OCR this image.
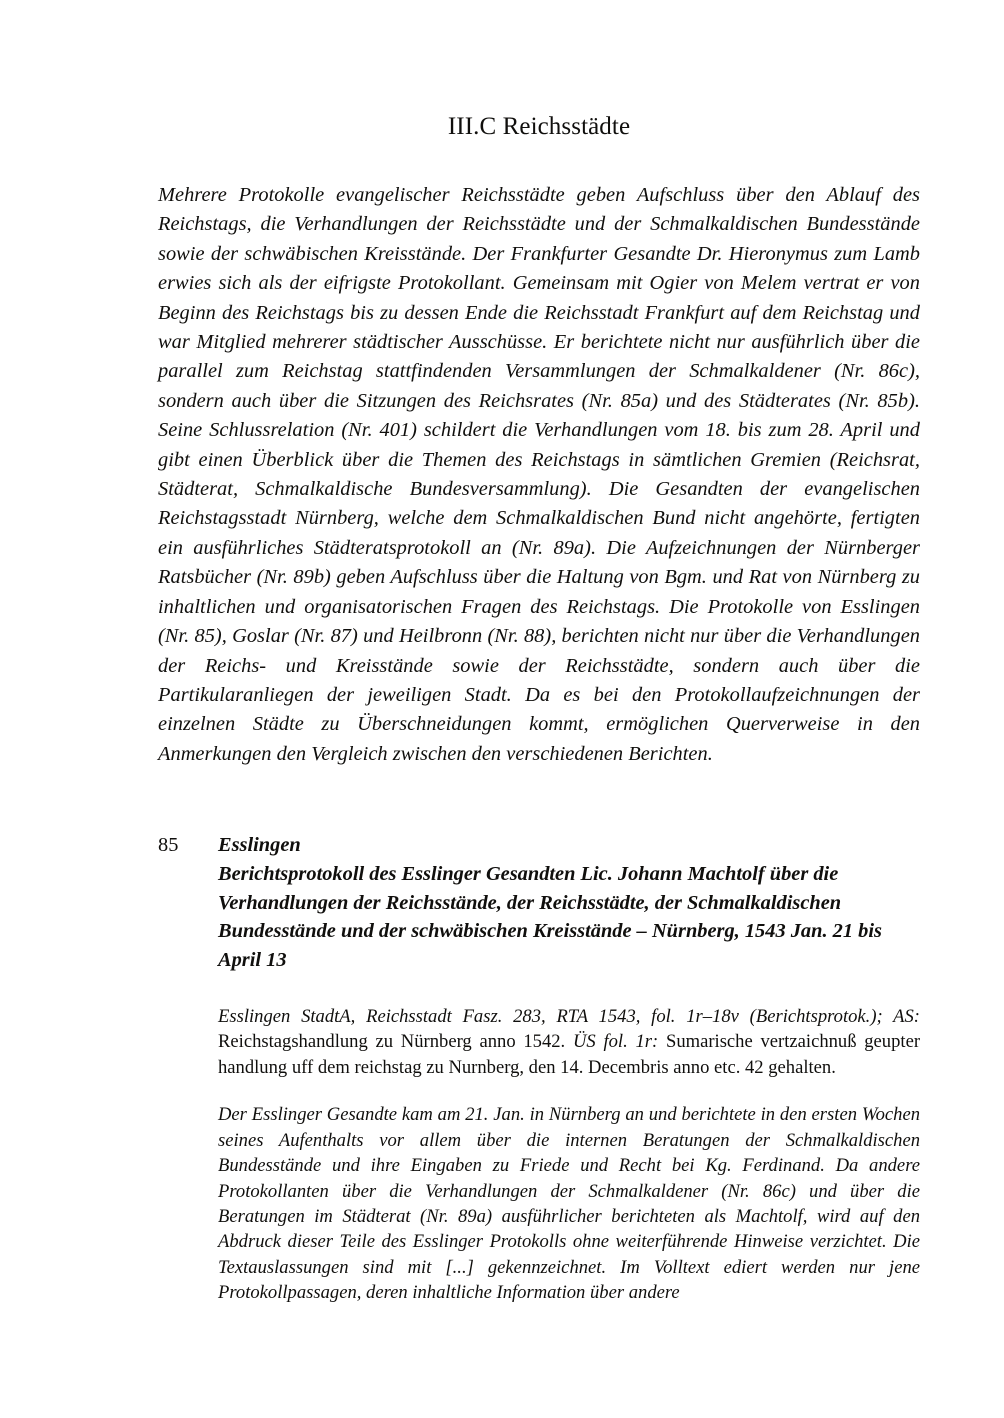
III.C Reichsstädte

Mehrere Protokolle evangelischer Reichsstädte geben Aufschluss über den Ablauf des Reichstags, die Verhandlungen der Reichsstädte und der Schmalkaldischen Bundesstände sowie der schwäbischen Kreisstände. Der Frankfurter Gesandte Dr. Hieronymus zum Lamb erwies sich als der eifrigste Protokollant. Gemeinsam mit Ogier von Melem vertrat er von Beginn des Reichstags bis zu dessen Ende die Reichsstadt Frankfurt auf dem Reichstag und war Mitglied mehrerer städtischer Ausschüsse. Er berichtete nicht nur ausführlich über die parallel zum Reichstag stattfindenden Versammlungen der Schmalkaldener (Nr. 86c), sondern auch über die Sitzungen des Reichsrates (Nr. 85a) und des Städterates (Nr. 85b). Seine Schlussrelation (Nr. 401) schildert die Verhandlungen vom 18. bis zum 28. April und gibt einen Überblick über die Themen des Reichstags in sämtlichen Gremien (Reichsrat, Städterat, Schmalkaldische Bundesversammlung). Die Gesandten der evangelischen Reichstagsstadt Nürnberg, welche dem Schmalkaldischen Bund nicht angehörte, fertigten ein ausführliches Städteratsprotokoll an (Nr. 89a). Die Aufzeichnungen der Nürnberger Ratsbücher (Nr. 89b) geben Aufschluss über die Haltung von Bgm. und Rat von Nürnberg zu inhaltlichen und organisatorischen Fragen des Reichstags. Die Protokolle von Esslingen (Nr. 85), Goslar (Nr. 87) und Heilbronn (Nr. 88), berichten nicht nur über die Verhandlungen der Reichs- und Kreisstände sowie der Reichsstädte, sondern auch über die Partikularanliegen der jeweiligen Stadt. Da es bei den Protokollaufzeichnungen der einzelnen Städte zu Überschneidungen kommt, ermöglichen Querverweise in den Anmerkungen den Vergleich zwischen den verschiedenen Berichten.

85	Esslingen
Berichtsprotokoll des Esslinger Gesandten Lic. Johann Machtolf über die Verhandlungen der Reichsstände, der Reichsstädte, der Schmalkaldischen Bundesstände und der schwäbischen Kreisstände – Nürnberg, 1543 Jan. 21 bis April 13

Esslingen StadtA, Reichsstadt Fasz. 283, RTA 1543, fol. 1r–18v (Berichtsprotok.); AS: Reichstagshandlung zu Nürnberg anno 1542. ÜS fol. 1r: Sumarische vertzaichnuß geupter handlung uff dem reichstag zu Nurnberg, den 14. Decembris anno etc. 42 gehalten.

Der Esslinger Gesandte kam am 21. Jan. in Nürnberg an und berichtete in den ersten Wochen seines Aufenthalts vor allem über die internen Beratungen der Schmalkaldischen Bundesstände und ihre Eingaben zu Friede und Recht bei Kg. Ferdinand. Da andere Protokollanten über die Verhandlungen der Schmalkaldener (Nr. 86c) und über die Beratungen im Städterat (Nr. 89a) ausführlicher berichteten als Machtolf, wird auf den Abdruck dieser Teile des Esslinger Protokolls ohne weiterführende Hinweise verzichtet. Die Textauslassungen sind mit [...] gekennzeichnet. Im Volltext ediert werden nur jene Protokollpassagen, deren inhaltliche Information über andere
